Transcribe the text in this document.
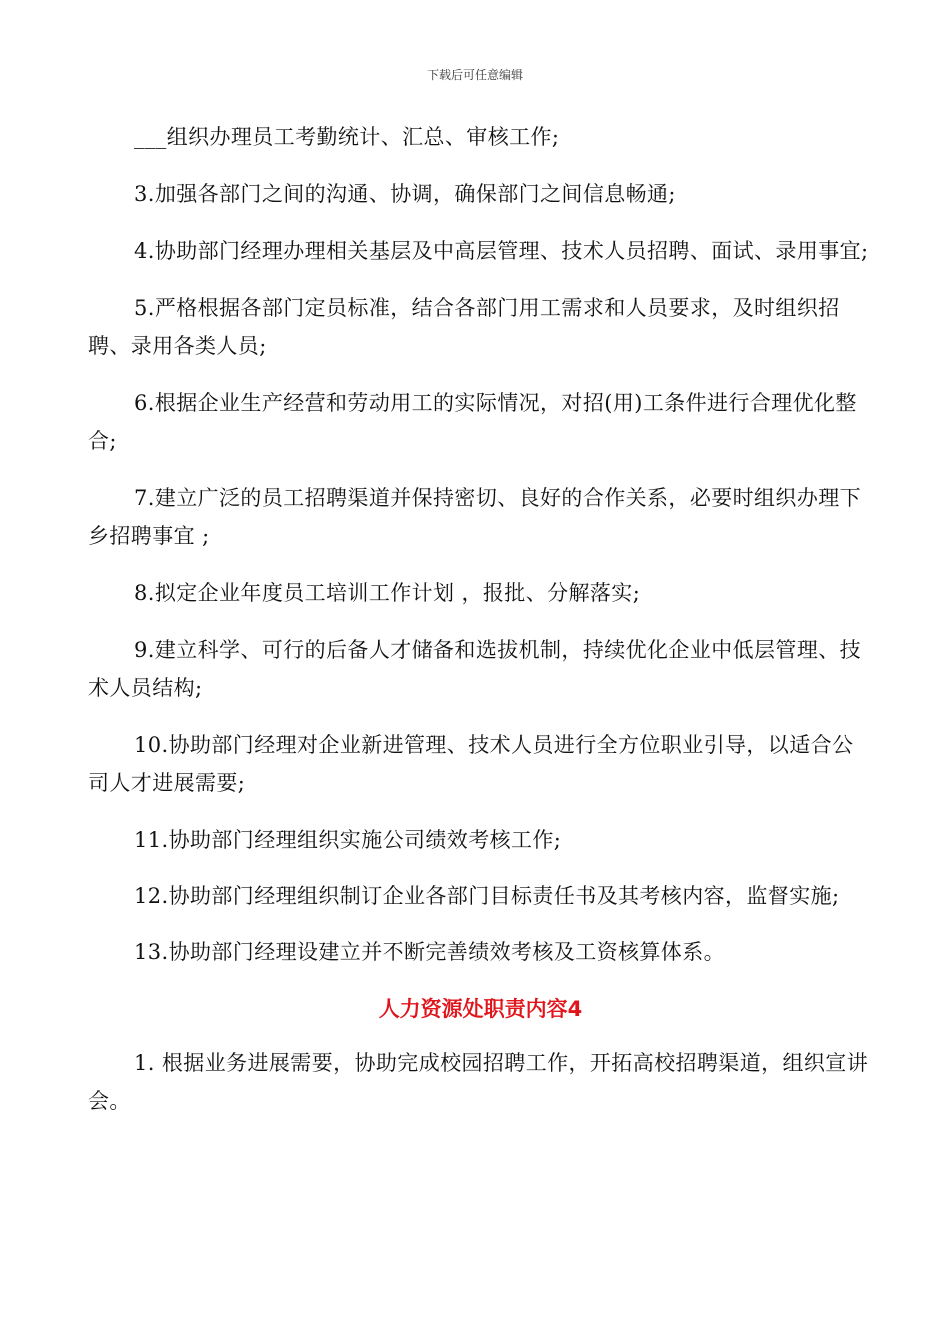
下载后可任意编辑

___组织办理员工考勤统计、汇总、审核工作;

3.加强各部门之间的沟通、协调，确保部门之间信息畅通;

4.协助部门经理办理相关基层及中高层管理、技术人员招聘、面试、录用事宜;

5.严格根据各部门定员标准，结合各部门用工需求和人员要求，及时组织招聘、录用各类人员;

6.根据企业生产经营和劳动用工的实际情况，对招(用)工条件进行合理优化整合;

7.建立广泛的员工招聘渠道并保持密切、良好的合作关系，必要时组织办理下乡招聘事宜 ;

8.拟定企业年度员工培训工作计划 ，报批、分解落实;

9.建立科学、可行的后备人才储备和选拔机制，持续优化企业中低层管理、技术人员结构;

10.协助部门经理对企业新进管理、技术人员进行全方位职业引导，以适合公司人才进展需要;

11.协助部门经理组织实施公司绩效考核工作;

12.协助部门经理组织制订企业各部门目标责任书及其考核内容，监督实施;

13.协助部门经理设建立并不断完善绩效考核及工资核算体系。

人力资源处职责内容4

1. 根据业务进展需要，协助完成校园招聘工作，开拓高校招聘渠道，组织宣讲会。
